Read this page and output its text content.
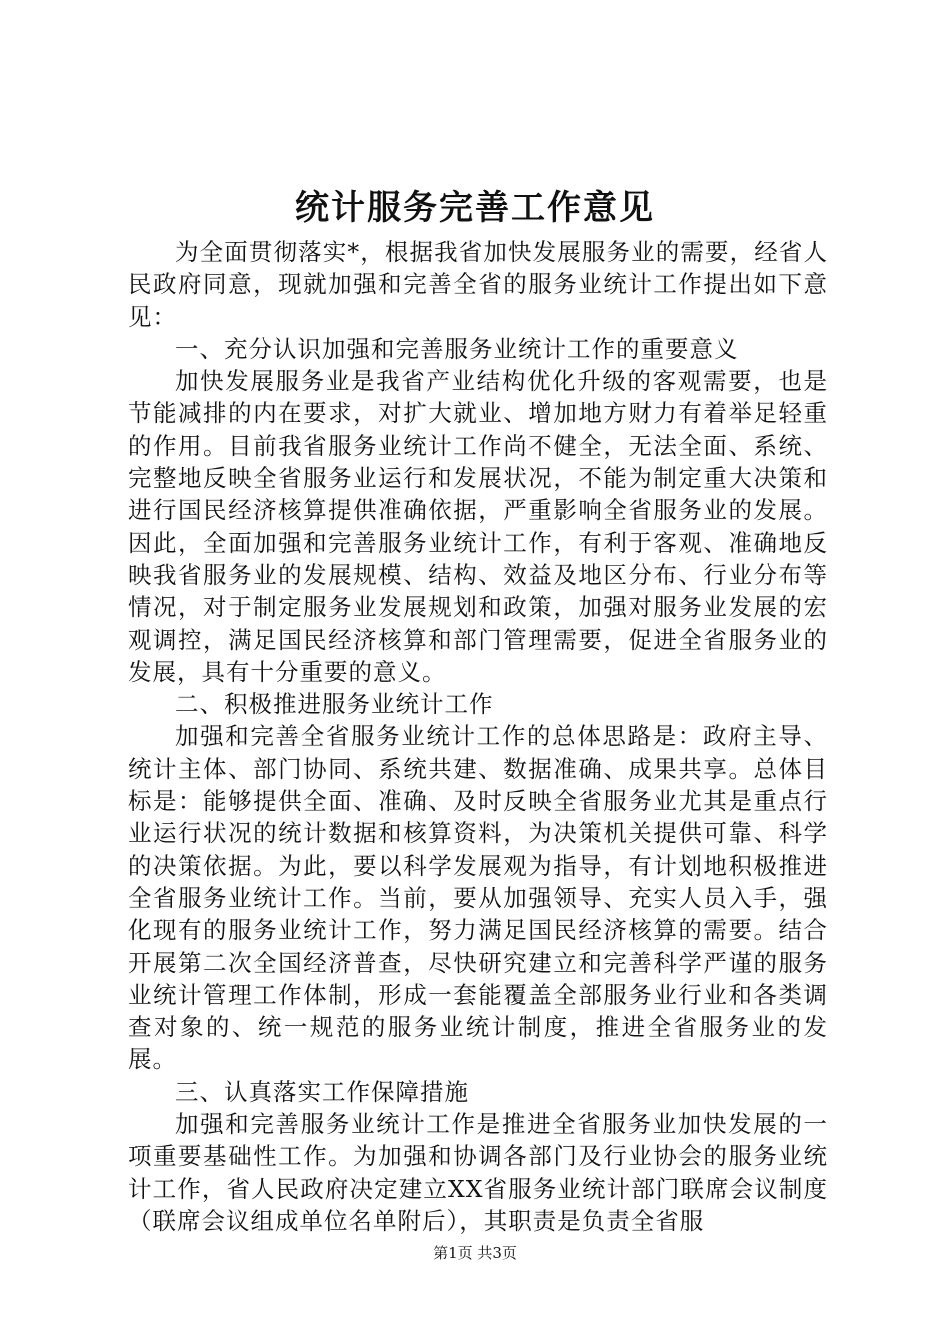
统计服务完善工作意见

为全面贯彻落实*，根据我省加快发展服务业的需要，经省人民政府同意，现就加强和完善全省的服务业统计工作提出如下意见：

一、充分认识加强和完善服务业统计工作的重要意义

加快发展服务业是我省产业结构优化升级的客观需要，也是节能减排的内在要求，对扩大就业、增加地方财力有着举足轻重的作用。目前我省服务业统计工作尚不健全，无法全面、系统、完整地反映全省服务业运行和发展状况，不能为制定重大决策和进行国民经济核算提供准确依据，严重影响全省服务业的发展。因此，全面加强和完善服务业统计工作，有利于客观、准确地反映我省服务业的发展规模、结构、效益及地区分布、行业分布等情况，对于制定服务业发展规划和政策，加强对服务业发展的宏观调控，满足国民经济核算和部门管理需要，促进全省服务业的发展，具有十分重要的意义。

二、积极推进服务业统计工作

加强和完善全省服务业统计工作的总体思路是：政府主导、统计主体、部门协同、系统共建、数据准确、成果共享。总体目标是：能够提供全面、准确、及时反映全省服务业尤其是重点行业运行状况的统计数据和核算资料，为决策机关提供可靠、科学的决策依据。为此，要以科学发展观为指导，有计划地积极推进全省服务业统计工作。当前，要从加强领导、充实人员入手，强化现有的服务业统计工作，努力满足国民经济核算的需要。结合开展第二次全国经济普查，尽快研究建立和完善科学严谨的服务业统计管理工作体制，形成一套能覆盖全部服务业行业和各类调查对象的、统一规范的服务业统计制度，推进全省服务业的发展。

三、认真落实工作保障措施

加强和完善服务业统计工作是推进全省服务业加快发展的一项重要基础性工作。为加强和协调各部门及行业协会的服务业统计工作，省人民政府决定建立XX省服务业统计部门联席会议制度（联席会议组成单位名单附后），其职责是负责全省服

第1页 共3页
